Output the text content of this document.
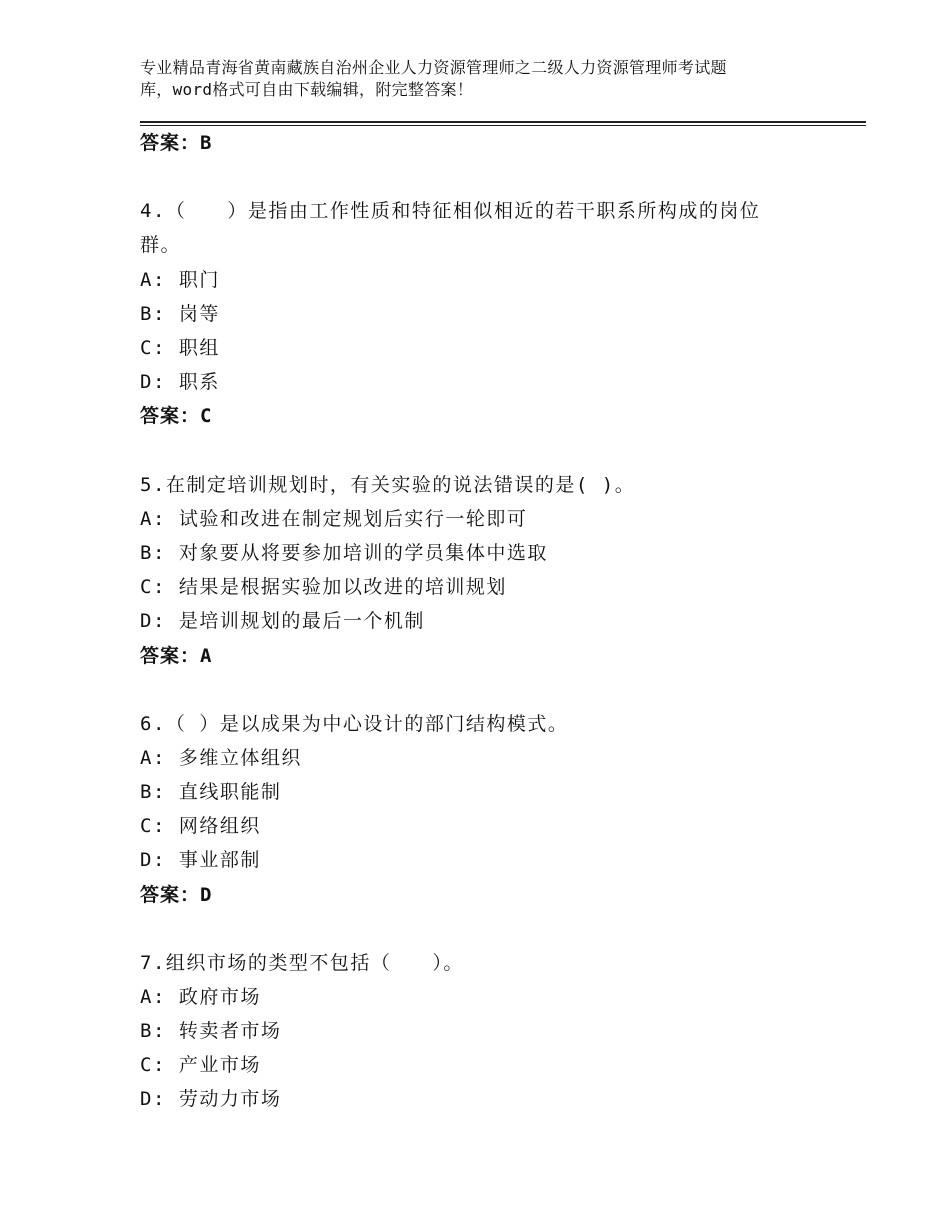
专业精品青海省黄南藏族自治州企业人力资源管理师之二级人力资源管理师考试题
库，word格式可自由下载编辑，附完整答案！
答案：B
4.（　　）是指由工作性质和特征相似相近的若干职系所构成的岗位
群。
A: 职门
B: 岗等
C: 职组
D: 职系
答案：C
5.在制定培训规划时，有关实验的说法错误的是( )。
A: 试验和改进在制定规划后实行一轮即可
B: 对象要从将要参加培训的学员集体中选取
C: 结果是根据实验加以改进的培训规划
D: 是培训规划的最后一个机制
答案：A
6.（ ）是以成果为中心设计的部门结构模式。
A: 多维立体组织
B: 直线职能制
C: 网络组织
D: 事业部制
答案：D
7.组织市场的类型不包括（　　）。
A: 政府市场
B: 转卖者市场
C: 产业市场
D: 劳动力市场
